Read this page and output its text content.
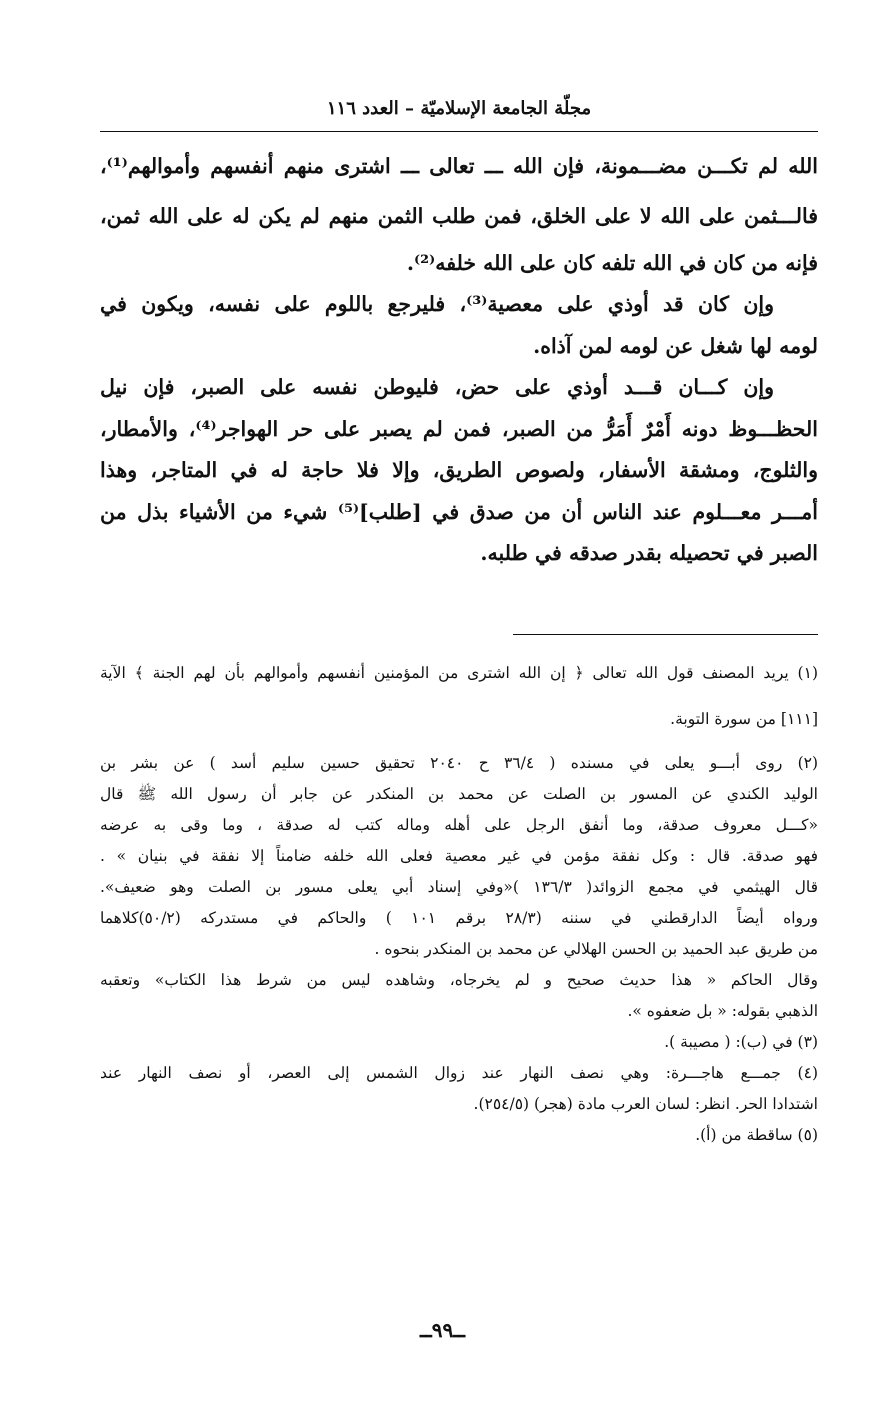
مجلّة الجامعة الإسلاميّة – العدد ١١٦
الله لم تكـــن مضـــمونة، فإن الله ـــ تعالى ـــ اشترى منهم أنفسهم وأموالهم⁽¹⁾،
فالـــثمن على الله لا على الخلق، فمن طلب الثمن منهم لم يكن له على الله ثمن،
فإنه من كان في الله تلفه كان على الله خلفه⁽²⁾.
وإن كان قد أوذي على معصية⁽³⁾، فليرجع باللوم على نفسه، ويكون في
لومه لها شغل عن لومه لمن آذاه.
وإن كـــان قـــد أوذي على حض، فليوطن نفسه على الصبر، فإن نيل
الحظـــوظ دونه أَمْرٌ أَمَرُّ من الصبر، فمن لم يصبر على حر الهواجر⁽⁴⁾، والأمطار،
والثلوج، ومشقة الأسفار، ولصوص الطريق، وإلا فلا حاجة له في المتاجر، وهذا
أمـــر معـــلوم عند الناس أن من صدق في [طلب]⁽⁵⁾ شيء من الأشياء بذل من
الصبر في تحصيله بقدر صدقه في طلبه.
(١) يريد المصنف قول الله تعالى ﴿ إن الله اشترى من المؤمنين أنفسهم وأموالهم بأن لهم الجنة ﴾ الآية
[١١١] من سورة التوبة.
(٢) روى أبـــو يعلى في مسنده ( ٣٦/٤ ح ٢٠٤٠ تحقيق حسين سليم أسد ) عن بشر بن
الوليد الكندي عن المسور بن الصلت عن محمد بن المنكدر عن جابر أن رسول الله ﷺ قال
«كـــل معروف صدقة، وما أنفق الرجل على أهله وماله كتب له صدقة ، وما وقى به عرضه
فهو صدقة. قال : وكل نفقة مؤمن في غير معصية فعلى الله خلفه ضامناً إلا نفقة في بنيان » .
قال الهيثمي في مجمع الزوائد( ١٣٦/٣ )«وفي إسناد أبي يعلى مسور بن الصلت وهو ضعيف».
ورواه أيضاً الدارقطني في سننه (٢٨/٣ برقم ١٠١ ) والحاكم في مستدركه (٥٠/٢)كلاهما
من طريق عبد الحميد بن الحسن الهلالي عن محمد بن المنكدر بنحوه .
وقال الحاكم « هذا حديث صحيح و لم يخرجاه، وشاهده ليس من شرط هذا الكتاب» وتعقبه
الذهبي بقوله: « بل ضعفوه ».
(٣) في (ب): ( مصيبة ).
(٤) جمـــع هاجـــرة: وهي نصف النهار عند زوال الشمس إلى العصر، أو نصف النهار عند
اشتدادا الحر. انظر: لسان العرب مادة (هجر) (٢٥٤/٥).
(٥) ساقطة من (أ).
ــ٩٩ــ
